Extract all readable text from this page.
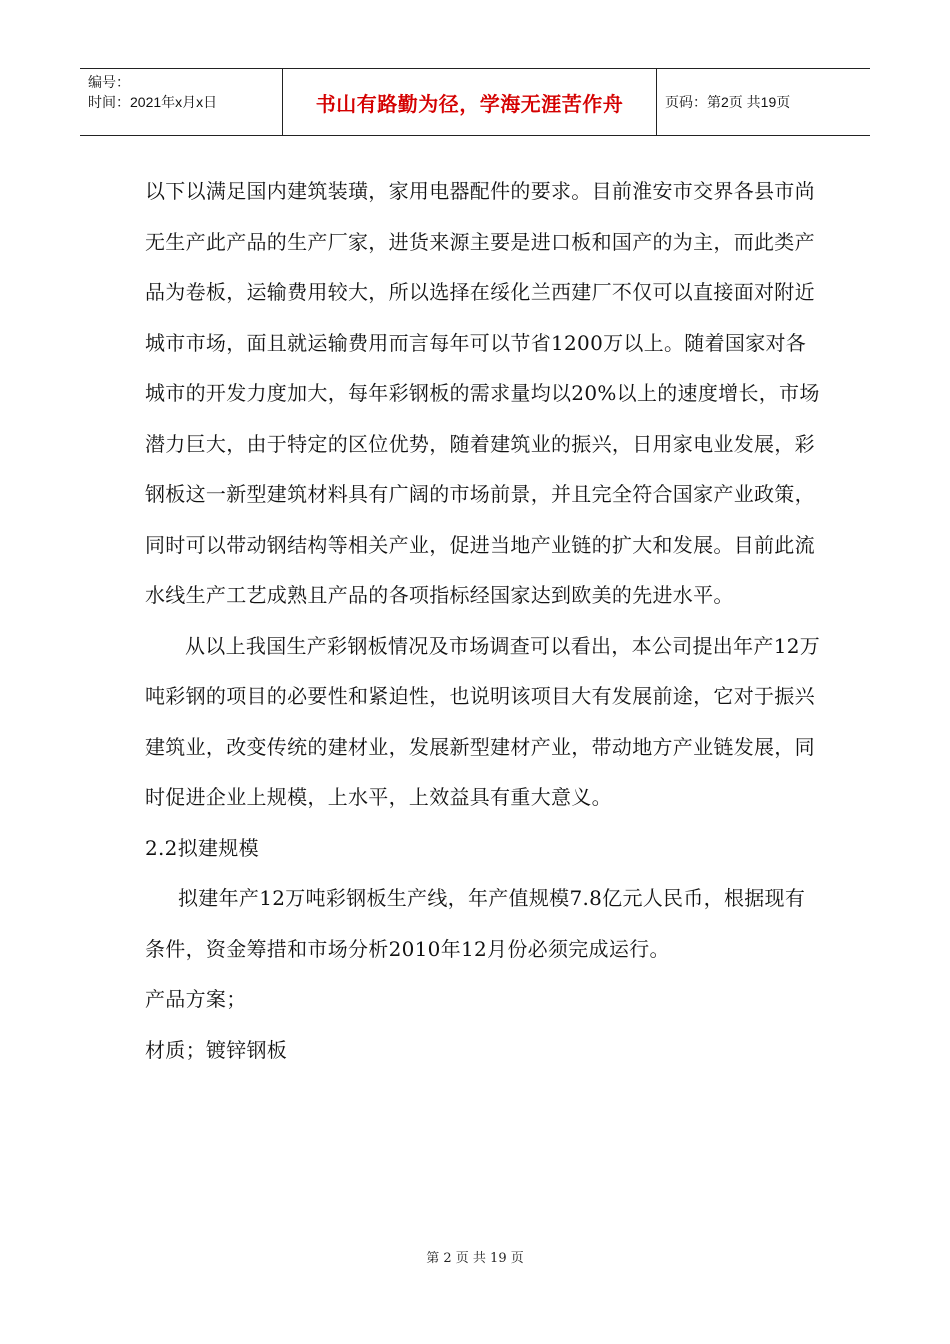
编号：
时间：2021年x月x日	书山有路勤为径，学海无涯苦作舟	页码：第2页 共19页

以下以满足国内建筑装璜，家用电器配件的要求。目前淮安市交界各县市尚无生产此产品的生产厂家，进货来源主要是进口板和国产的为主，而此类产品为卷板，运输费用较大，所以选择在绥化兰西建厂不仅可以直接面对附近城市市场，面且就运输费用而言每年可以节省1200万以上。随着国家对各城市的开发力度加大，每年彩钢板的需求量均以20%以上的速度增长，市场潜力巨大，由于特定的区位优势，随着建筑业的振兴，日用家电业发展，彩钢板这一新型建筑材料具有广阔的市场前景，并且完全符合国家产业政策，同时可以带动钢结构等相关产业，促进当地产业链的扩大和发展。目前此流水线生产工艺成熟且产品的各项指标经国家达到欧美的先进水平。

从以上我国生产彩钢板情况及市场调查可以看出，本公司提出年产12万吨彩钢的项目的必要性和紧迫性，也说明该项目大有发展前途，它对于振兴建筑业，改变传统的建材业，发展新型建材产业，带动地方产业链发展，同时促进企业上规模，上水平，上效益具有重大意义。

2.2拟建规模

拟建年产12万吨彩钢板生产线，年产值规模7.8亿元人民币，根据现有条件，资金筹措和市场分析2010年12月份必须完成运行。

产品方案；

材质；镀锌钢板

第 2 页 共 19 页
